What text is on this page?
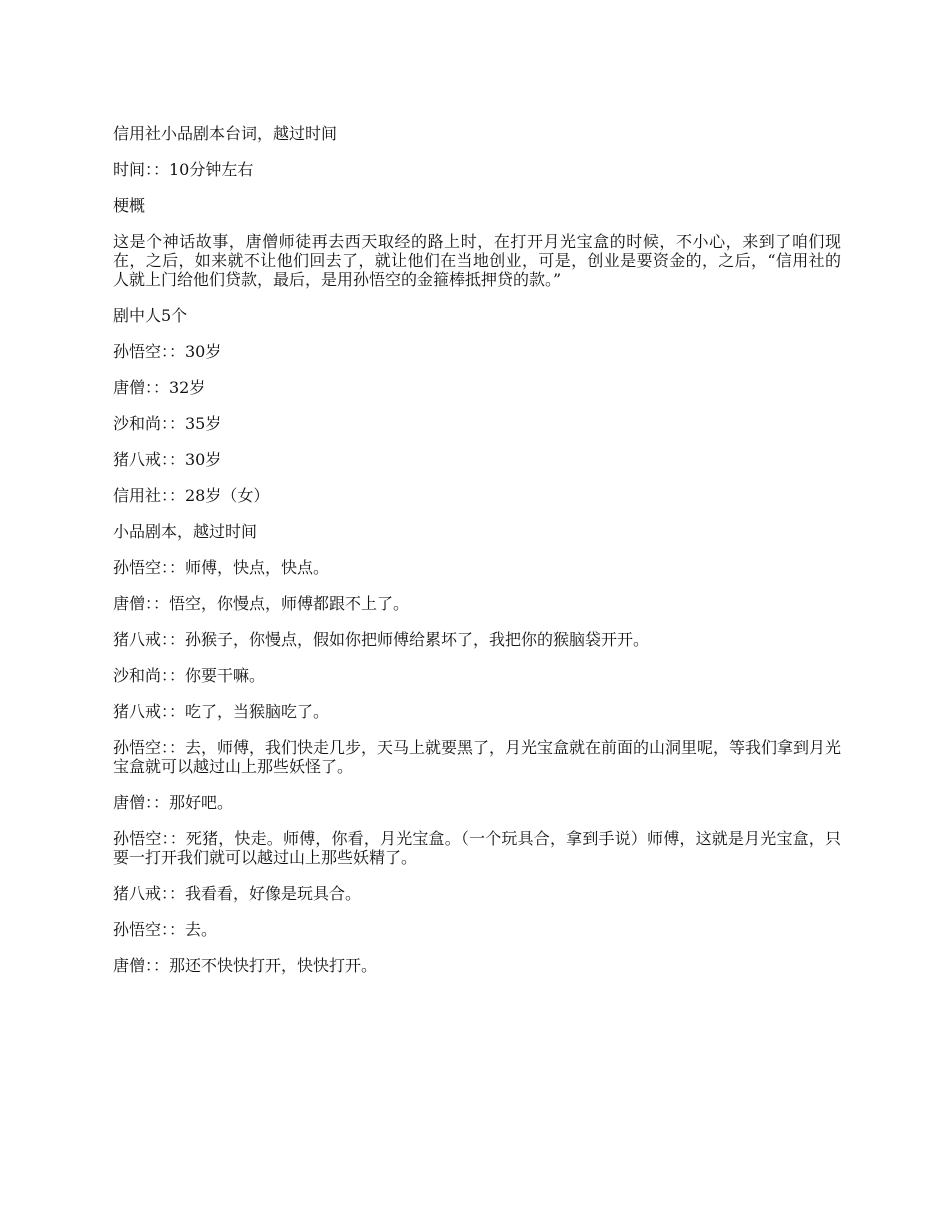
信用社小品剧本台词，越过时间

时间：：10分钟左右

梗概

这是个神话故事，唐僧师徒再去西天取经的路上时，在打开月光宝盒的时候，不小心，来到了咱们现在，之后，如来就不让他们回去了，就让他们在当地创业，可是，创业是要资金的，之后，“信用社的人就上门给他们贷款，最后，是用孙悟空的金箍棒抵押贷的款。”

剧中人5个

孙悟空：：30岁

唐僧：：32岁

沙和尚：：35岁

猪八戒：：30岁

信用社：：28岁（女）

小品剧本，越过时间

孙悟空：：师傅，快点，快点。

唐僧：：悟空，你慢点，师傅都跟不上了。

猪八戒：：孙猴子，你慢点，假如你把师傅给累坏了，我把你的猴脑袋开开。

沙和尚：：你要干嘛。

猪八戒：：吃了，当猴脑吃了。

孙悟空：：去，师傅，我们快走几步，天马上就要黑了，月光宝盒就在前面的山洞里呢，等我们拿到月光宝盒就可以越过山上那些妖怪了。

唐僧：：那好吧。

孙悟空：：死猪，快走。师傅，你看，月光宝盒。（一个玩具合，拿到手说）师傅，这就是月光宝盒，只要一打开我们就可以越过山上那些妖精了。

猪八戒：：我看看，好像是玩具合。

孙悟空：：去。

唐僧：：那还不快快打开，快快打开。
